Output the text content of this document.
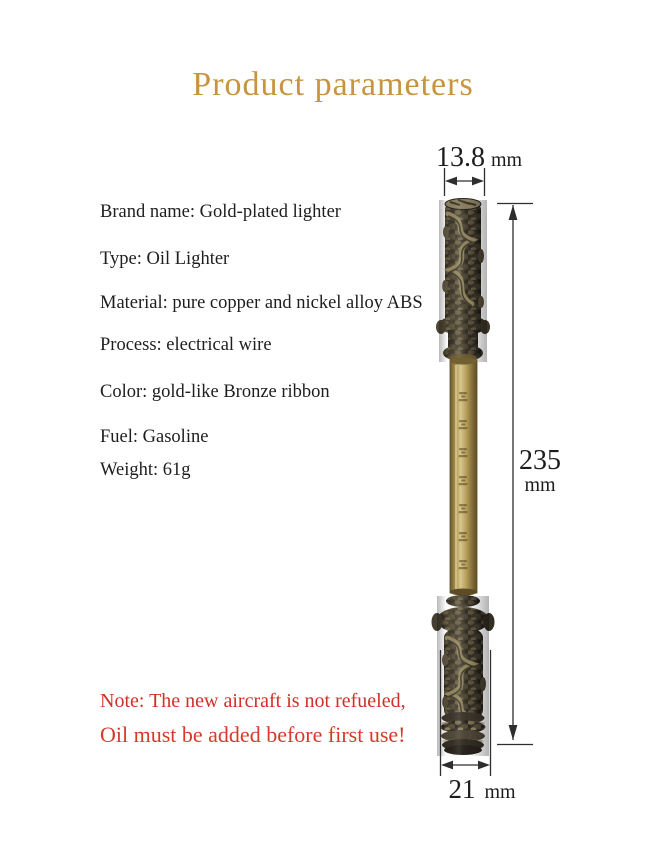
Product parameters
Brand name: Gold-plated lighter
Type: Oil Lighter
Material: pure copper and nickel alloy ABS
Process: electrical wire
Color: gold-like Bronze ribbon
Fuel: Gasoline
Weight: 61g
Note: The new aircraft is not refueled,
Oil must be added before first use!
13.8 mm
235
mm
21 mm
